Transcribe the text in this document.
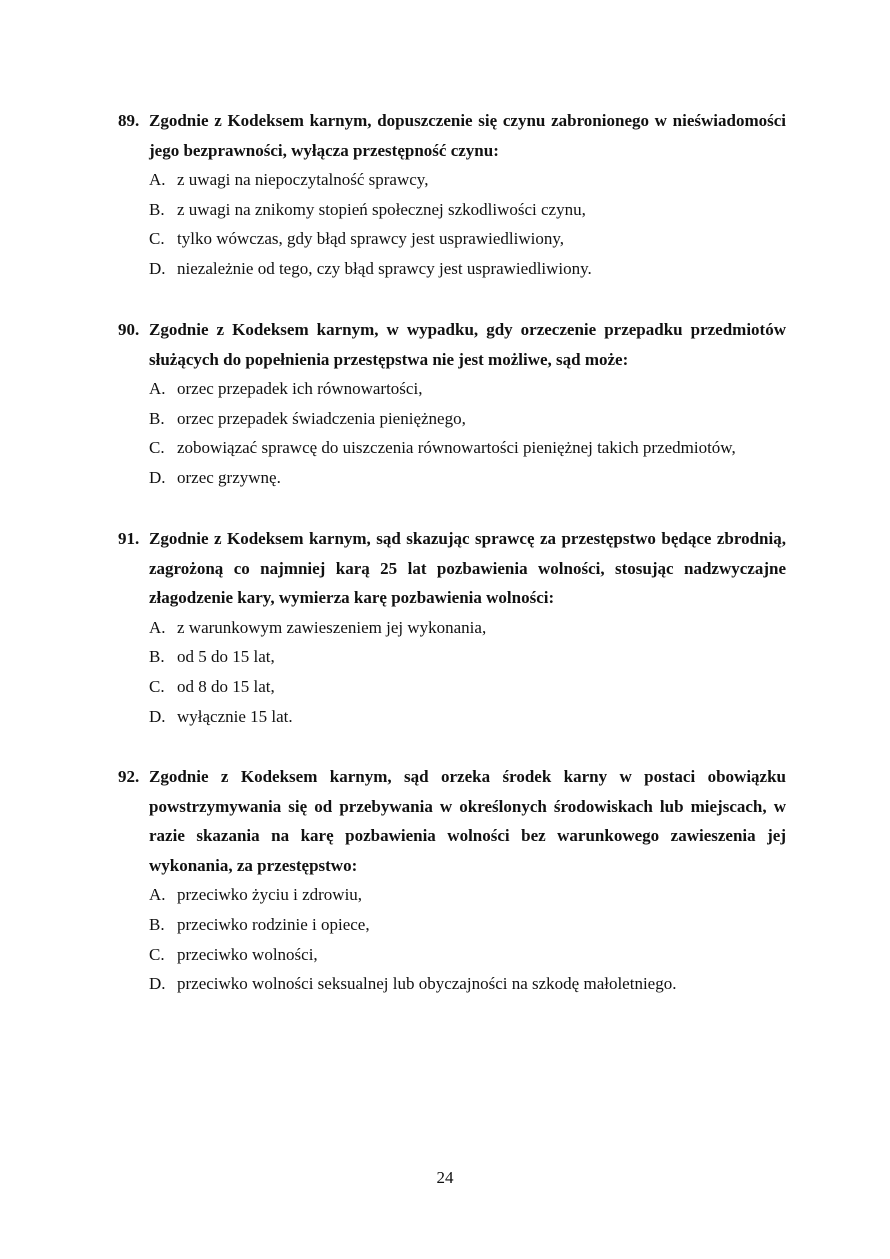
89. Zgodnie z Kodeksem karnym, dopuszczenie się czynu zabronionego w nieświadomości jego bezprawności, wyłącza przestępność czynu:
A. z uwagi na niepoczytalność sprawcy,
B. z uwagi na znikomy stopień społecznej szkodliwości czynu,
C. tylko wówczas, gdy błąd sprawcy jest usprawiedliwiony,
D. niezależnie od tego, czy błąd sprawcy jest usprawiedliwiony.
90. Zgodnie z Kodeksem karnym, w wypadku, gdy orzeczenie przepadku przedmiotów służących do popełnienia przestępstwa nie jest możliwe, sąd może:
A. orzec przepadek ich równowartości,
B. orzec przepadek świadczenia pieniężnego,
C. zobowiązać sprawcę do uiszczenia równowartości pieniężnej takich przedmiotów,
D. orzec grzywnę.
91. Zgodnie z Kodeksem karnym, sąd skazując sprawcę za przestępstwo będące zbrodnią, zagrożoną co najmniej karą 25 lat pozbawienia wolności, stosując nadzwyczajne złagodzenie kary, wymierza karę pozbawienia wolności:
A. z warunkowym zawieszeniem jej wykonania,
B. od 5 do 15 lat,
C. od 8 do 15 lat,
D. wyłącznie 15 lat.
92. Zgodnie z Kodeksem karnym, sąd orzeka środek karny w postaci obowiązku powstrzymywania się od przebywania w określonych środowiskach lub miejscach, w razie skazania na karę pozbawienia wolności bez warunkowego zawieszenia jej wykonania, za przestępstwo:
A. przeciwko życiu i zdrowiu,
B. przeciwko rodzinie i opiece,
C. przeciwko wolności,
D. przeciwko wolności seksualnej lub obyczajności na szkodę małoletniego.
24
